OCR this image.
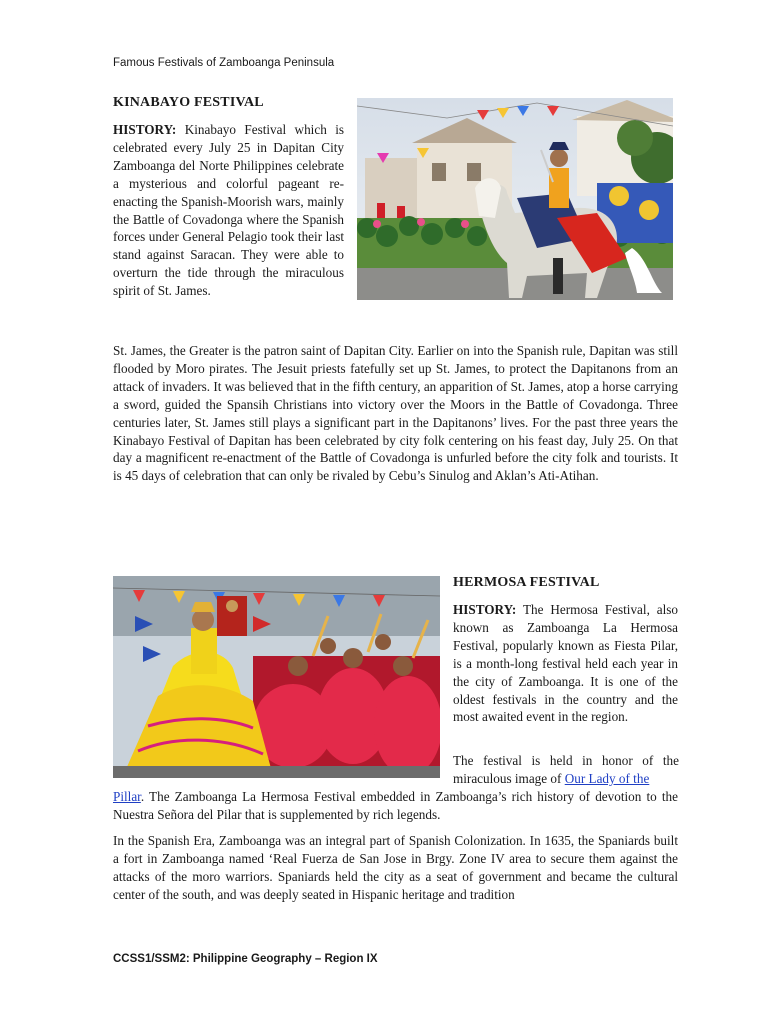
Famous Festivals of Zamboanga Peninsula
KINABAYO FESTIVAL
HISTORY: Kinabayo Festival which is celebrated every July 25 in Dapitan City Zamboanga del Norte Philippines celebrate a mysterious and colorful pageant re-enacting the Spanish-Moorish wars, mainly the Battle of Covadonga where the Spanish forces under General Pelagio took their last stand against Saracan. They were able to overturn the tide through the miraculous spirit of St. James.
St. James, the Greater is the patron saint of Dapitan City. Earlier on into the Spanish rule, Dapitan was still flooded by Moro pirates. The Jesuit priests fatefully set up St. James, to protect the Dapitanons from an attack of invaders. It was believed that in the fifth century, an apparition of St. James, atop a horse carrying a sword, guided the Spansih Christians into victory over the Moors in the Battle of Covadonga. Three centuries later, St. James still plays a significant part in the Dapitanons’ lives. For the past three years the Kinabayo Festival of Dapitan has been celebrated by city folk centering on his feast day, July 25. On that day a magnificent re-enactment of the Battle of Covadonga is unfurled before the city folk and tourists. It is 45 days of celebration that can only be rivaled by Cebu’s Sinulog and Aklan’s Ati-Atihan.
HERMOSA FESTIVAL
HISTORY: The Hermosa Festival, also known as Zamboanga La Hermosa Festival, popularly known as Fiesta Pilar, is a month-long festival held each year in the city of Zamboanga. It is one of the oldest festivals in the country and the most awaited event in the region.
The festival is held in honor of the miraculous image of Our Lady of the
Pillar. The Zamboanga La Hermosa Festival embedded in Zamboanga’s rich history of devotion to the Nuestra Señora del Pilar that is supplemented by rich legends.
In the Spanish Era, Zamboanga was an integral part of Spanish Colonization. In 1635, the Spaniards built a fort in Zamboanga named ‘Real Fuerza de San Jose in Brgy. Zone IV area to secure them against the attacks of the moro warriors. Spaniards held the city as a seat of government and became the cultural center of the south, and was deeply seated in Hispanic heritage and tradition
CCSS1/SSM2: Philippine Geography – Region IX
